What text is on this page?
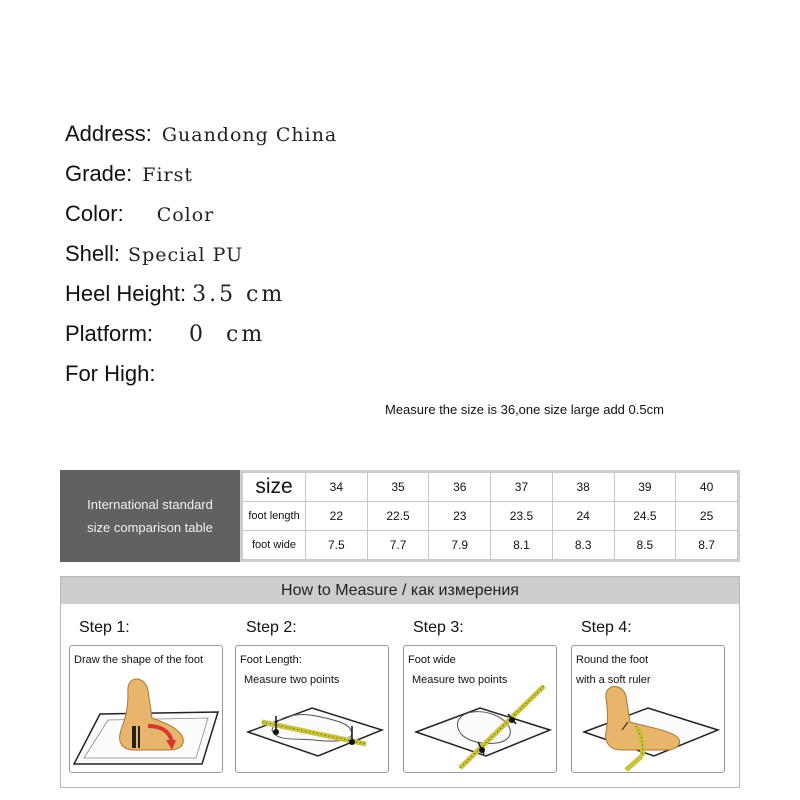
Address: Guandong China
Grade: First
Color: Color
Shell: Special PU
Heel Height: 3.5 cm
Platform: 0  cm
For High:
Measure the size is 36,one size large add 0.5cm
International standard
size comparison table
size	34	35	36	37	38	39	40
foot length	22	22.5	23	23.5	24	24.5	25
foot wide	7.5	7.7	7.9	8.1	8.3	8.5	8.7
How to Measure / как измерения
Step 1:
Draw the shape of the foot
Step 2:
Foot Length:
Measure two points
Step 3:
Foot wide
Measure two points
Step 4:
Round the foot
with a soft ruler
